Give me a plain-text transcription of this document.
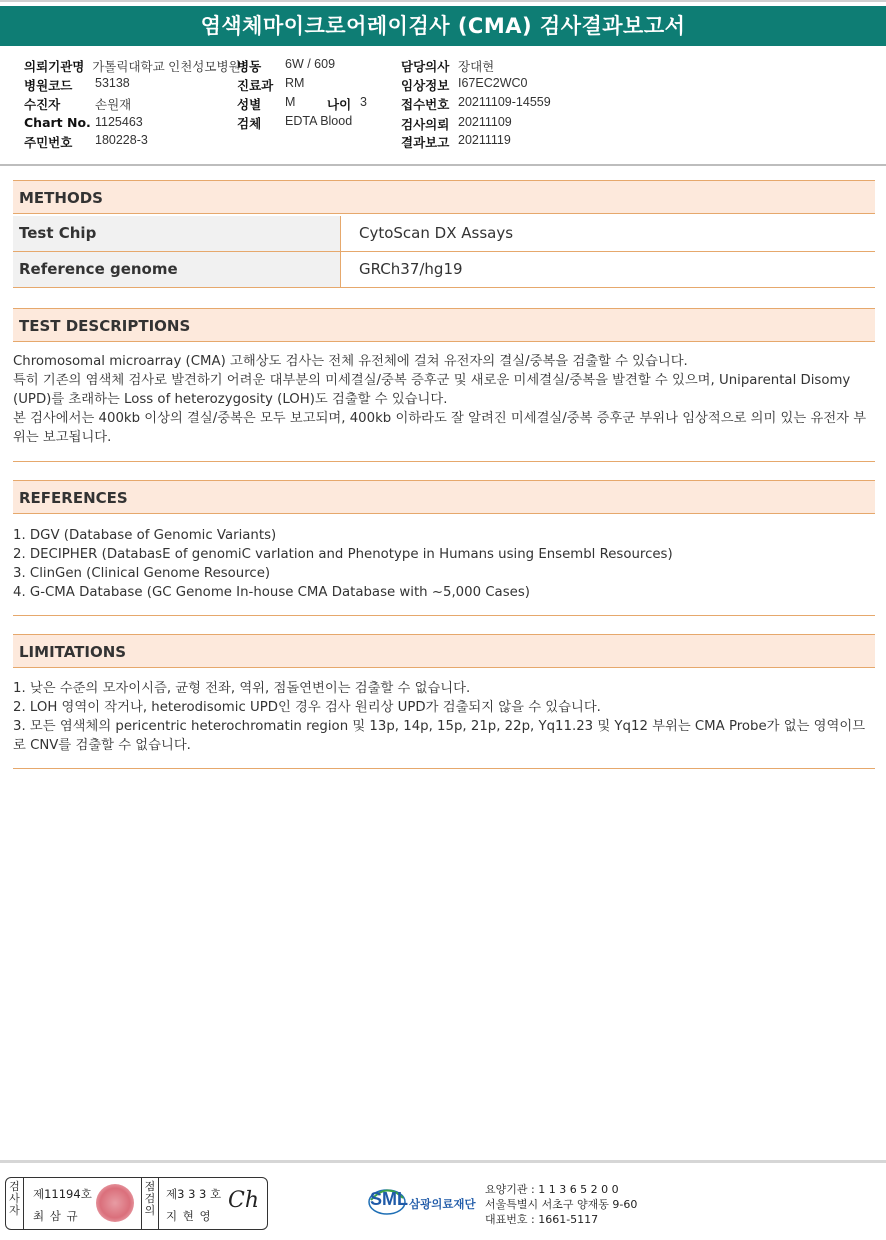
염색체마이크로어레이검사 (CMA) 검사결과보고서
의뢰기관명 가톨릭대학교 인천성모병원
병원코드 53138
수진자	손원재
Chart No. 1125463
주민번호 180228-3
병동 6W / 609
진료과 RM
성별 M	나이 3
검체 EDTA Blood
담당의사 장대현
임상정보 I67EC2WC0
접수번호 20211109-14559
검사의뢰 20211109
결과보고 20211119
METHODS
Test Chip	CytoScan DX Assays
Reference genome	GRCh37/hg19
TEST DESCRIPTIONS

Chromosomal microarray (CMA) 고해상도 검사는 전체 유전체에 걸쳐 유전자의 결실/중복을 검출할 수 있습니다.

특히 기존의 염색체 검사로 발견하기 어려운 대부분의 미세결실/중복 증후군 및 새로운 미세결실/중복을 발견할 수 있으며, Uniparental Disomy (UPD)를 초래하는 Loss of heterozygosity (LOH)도 검출할 수 있습니다.

본 검사에서는 400kb 이상의 결실/중복은 모두 보고되며, 400kb 이하라도 잘 알려진 미세결실/중복 증후군 부위나 임상적으로 의미 있는 유전자 부위는 보고됩니다.

REFERENCES

1. DGV (Database of Genomic Variants)

2. DECIPHER (DatabasE of genomiC varIation and Phenotype in Humans using Ensembl Resources)

3. ClinGen (Clinical Genome Resource)

4. G-CMA Database (GC Genome In-house CMA Database with ~5,000 Cases)

LIMITATIONS

1. 낮은 수준의 모자이시즘, 균형 전좌, 역위, 점돌연변이는 검출할 수 없습니다.

2. LOH 영역이 작거나, heterodisomic UPD인 경우 검사 원리상 UPD가 검출되지 않을 수 있습니다.

3. 모든 염색체의 pericentric heterochromatin region 및 13p, 14p, 15p, 21p, 22p, Yq11.23 및 Yq12 부위는 CMA Probe가 없는 영역이므로 CNV를 검출할 수 없습니다.

검사자
제11194호
최 삼 규
점검의
제3 3 3 호
지 현 영
Ch	SML 삼광의료재단
요양기관 : 1 1 3 6 5 2 0 0
서울특별시 서초구 양재동 9-60
대표번호 : 1661-5117
